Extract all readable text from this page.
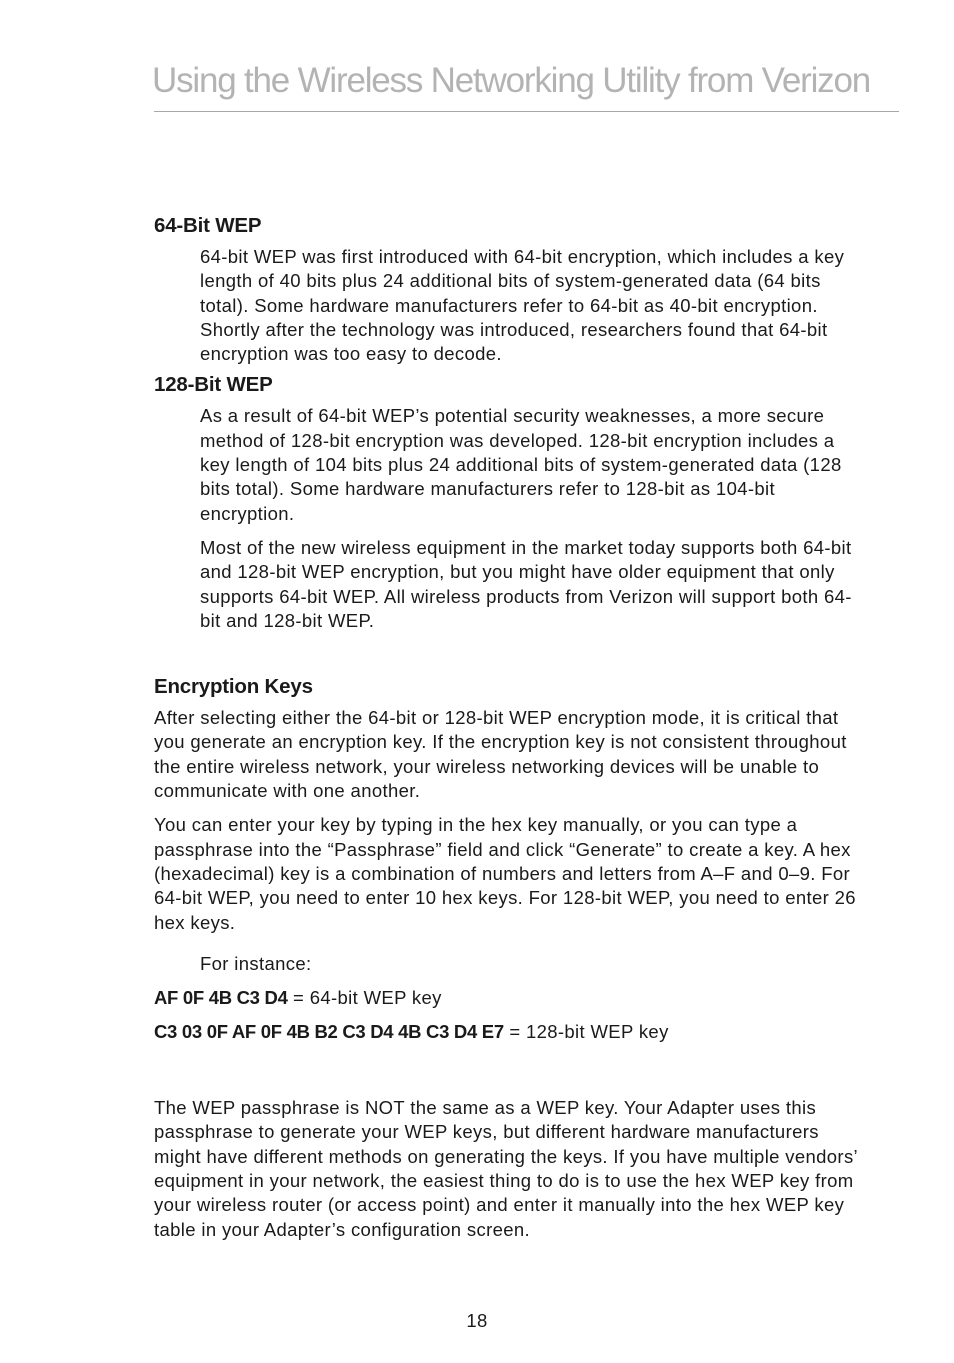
Using the Wireless Networking Utility from Verizon
64-Bit WEP

64-bit WEP was first introduced with 64-bit encryption, which includes a key length of 40 bits plus 24 additional bits of system-generated data (64 bits total). Some hardware manufacturers refer to 64-bit as 40-bit encryption. Shortly after the technology was introduced, researchers found that 64-bit encryption was too easy to decode.

128-Bit WEP

As a result of 64-bit WEP’s potential security weaknesses, a more secure method of 128-bit encryption was developed. 128-bit encryption includes a key length of 104 bits plus 24 additional bits of system-generated data (128 bits total). Some hardware manufacturers refer to 128-bit as 104-bit encryption.

Most of the new wireless equipment in the market today supports both 64-bit and 128-bit WEP encryption, but you might have older equipment that only supports 64-bit WEP. All wireless products from Verizon will support both 64-bit and 128-bit WEP.

Encryption Keys

After selecting either the 64-bit or 128-bit WEP encryption mode, it is critical that you generate an encryption key. If the encryption key is not consistent throughout the entire wireless network, your wireless networking devices will be unable to communicate with one another.

You can enter your key by typing in the hex key manually, or you can type a passphrase into the “Passphrase” field and click “Generate” to create a key. A hex (hexadecimal) key is a combination of numbers and letters from A–F and 0–9. For 64-bit WEP, you need to enter 10 hex keys. For 128-bit WEP, you need to enter 26 hex keys.

For instance:

AF 0F 4B C3 D4 = 64-bit WEP key

C3 03 0F AF 0F 4B B2 C3 D4 4B C3 D4 E7 = 128-bit WEP key

The WEP passphrase is NOT the same as a WEP key. Your Adapter uses this passphrase to generate your WEP keys, but different hardware manufacturers might have different methods on generating the keys. If you have multiple vendors’ equipment in your network, the easiest thing to do is to use the hex WEP key from your wireless router (or access point) and enter it manually into the hex WEP key table in your Adapter’s configuration screen.

18
